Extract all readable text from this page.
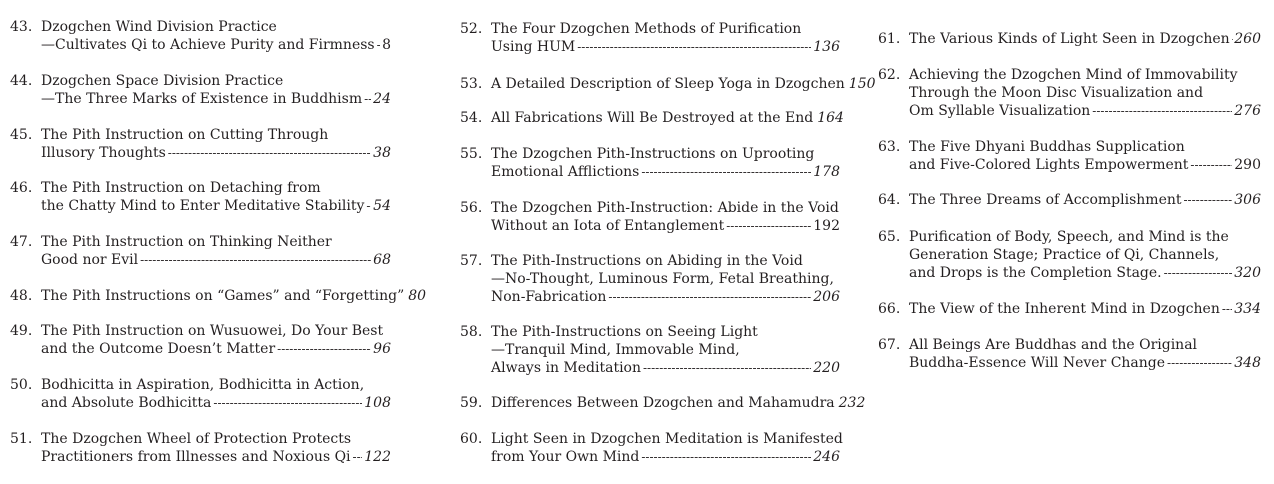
43. Dzogchen Wind Division Practice
—Cultivates Qi to Achieve Purity and Firmness ----- 8
44. Dzogchen Space Division Practice
—The Three Marks of Existence in Buddhism ----- 24
45. The Pith Instruction on Cutting Through
Illusory Thoughts -----	38
46. The Pith Instruction on Detaching from
the Chatty Mind to Enter Meditative Stability ----- 54
47. The Pith Instruction on Thinking Neither
Good nor Evil -----	68
48. The Pith Instructions on “Games” and “Forgetting” 80
49. The Pith Instruction on Wusuowei, Do Your Best
and the Outcome Doesn’t Matter -----	96
50. Bodhicitta in Aspiration, Bodhicitta in Action,
and Absolute Bodhicitta -----	108
51. The Dzogchen Wheel of Protection Protects
Practitioners from Illnesses and Noxious Qi ----- 122
52. The Four Dzogchen Methods of Purification
Using HUM -----	136
53. A Detailed Description of Sleep Yoga in Dzogchen 150
54. All Fabrications Will Be Destroyed at the End 164
55. The Dzogchen Pith-Instructions on Uprooting
Emotional Afflictions -----	178
56. The Dzogchen Pith-Instruction: Abide in the Void
Without an Iota of Entanglement -----	192
57. The Pith-Instructions on Abiding in the Void
—No-Thought, Luminous Form, Fetal Breathing,
Non-Fabrication -----	206
58. The Pith-Instructions on Seeing Light
—Tranquil Mind, Immovable Mind,
Always in Meditation -----	220
59. Differences Between Dzogchen and Mahamudra 232
60. Light Seen in Dzogchen Meditation is Manifested
from Your Own Mind -----	246
61. The Various Kinds of Light Seen in Dzogchen ----- 260
62. Achieving the Dzogchen Mind of Immovability
Through the Moon Disc Visualization and
Om Syllable Visualization -----	276
63. The Five Dhyani Buddhas Supplication
and Five-Colored Lights Empowerment -----	290
64. The Three Dreams of Accomplishment -----	306
65. Purification of Body, Speech, and Mind is the
Generation Stage; Practice of Qi, Channels,
and Drops is the Completion Stage. -----	320
66. The View of the Inherent Mind in Dzogchen ----- 334
67. All Beings Are Buddhas and the Original
Buddha-Essence Will Never Change -----	348
